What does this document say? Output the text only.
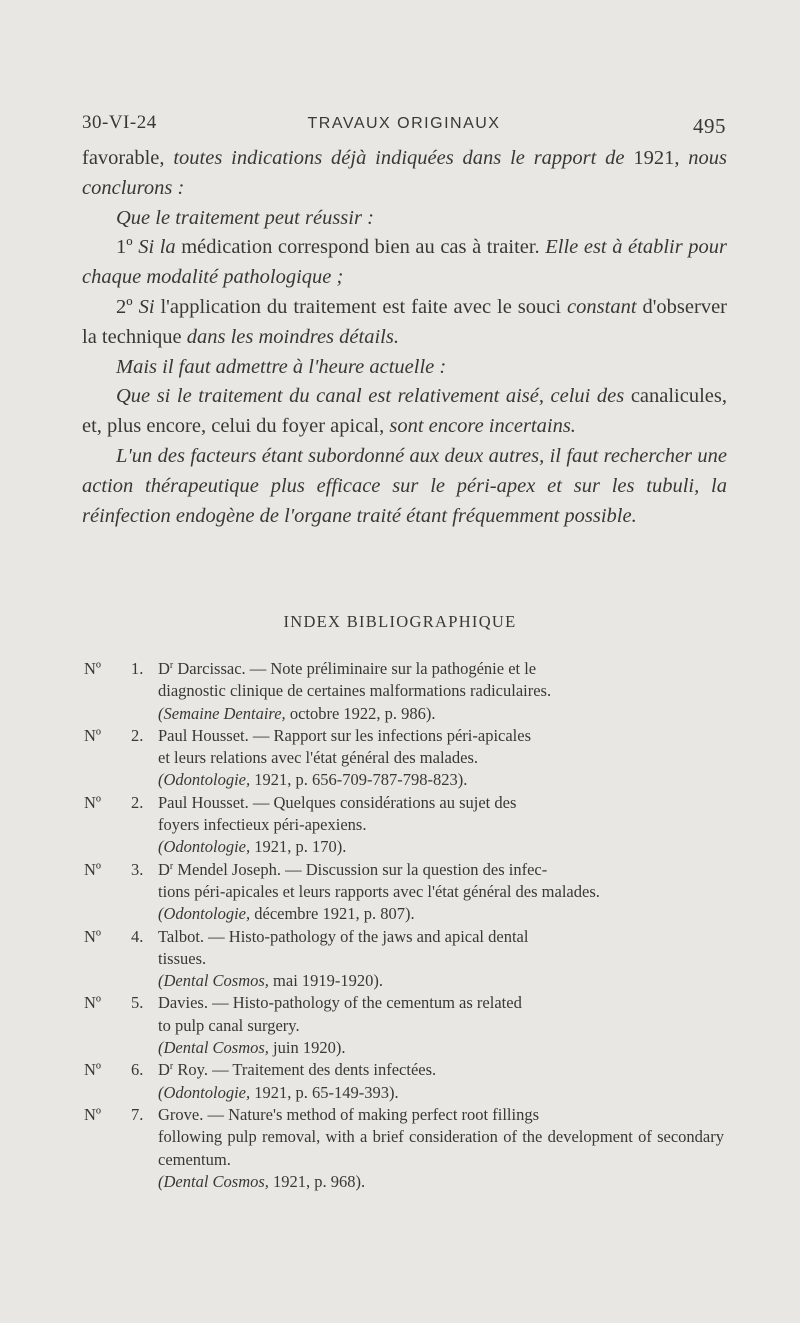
30-VI-24	TRAVAUX ORIGINAUX	495

favorable, toutes indications déjà indiquées dans le rapport de 1921, nous conclurons :

Que le traitement peut réussir :

1º Si la médication correspond bien au cas à traiter. Elle est à établir pour chaque modalité pathologique ;

2º Si l'application du traitement est faite avec le souci constant d'observer la technique dans les moindres détails.

Mais il faut admettre à l'heure actuelle :

Que si le traitement du canal est relativement aisé, celui des canalicules, et, plus encore, celui du foyer apical, sont encore incertains.

L'un des facteurs étant subordonné aux deux autres, il faut rechercher une action thérapeutique plus efficace sur le péri-apex et sur les tubuli, la réinfection endogène de l'organe traité étant fréquemment possible.

INDEX BIBLIOGRAPHIQUE
Nº 1. $D^r$ Darcissac. — Note préliminaire sur la pathogénie et le
diagnostic clinique de certaines malformations radiculaires.
(Semaine Dentaire, octobre 1922, p. 986).
Nº 2. Paul Housset. — Rapport sur les infections péri-apicales
et leurs relations avec l'état général des malades.
(Odontologie, 1921, p. 656-709-787-798-823).
Nº 2. Paul Housset. — Quelques considérations au sujet des
foyers infectieux péri-apexiens.
(Odontologie, 1921, p. 170).
Nº 3. $D^r$ Mendel Joseph. — Discussion sur la question des infec-
tions péri-apicales et leurs rapports avec l'état général des malades.
(Odontologie, décembre 1921, p. 807).
Nº 4. Talbot. — Histo-pathology of the jaws and apical dental
tissues.
(Dental Cosmos, mai 1919-1920).
Nº 5. Davies. — Histo-pathology of the cementum as related
to pulp canal surgery.
(Dental Cosmos, juin 1920).
Nº 6. $D^r$ Roy. — Traitement des dents infectées.
(Odontologie, 1921, p. 65-149-393).
Nº 7. Grove. — Nature's method of making perfect root fillings
following pulp removal, with a brief consideration of the development of secondary cementum.
(Dental Cosmos, 1921, p. 968).
